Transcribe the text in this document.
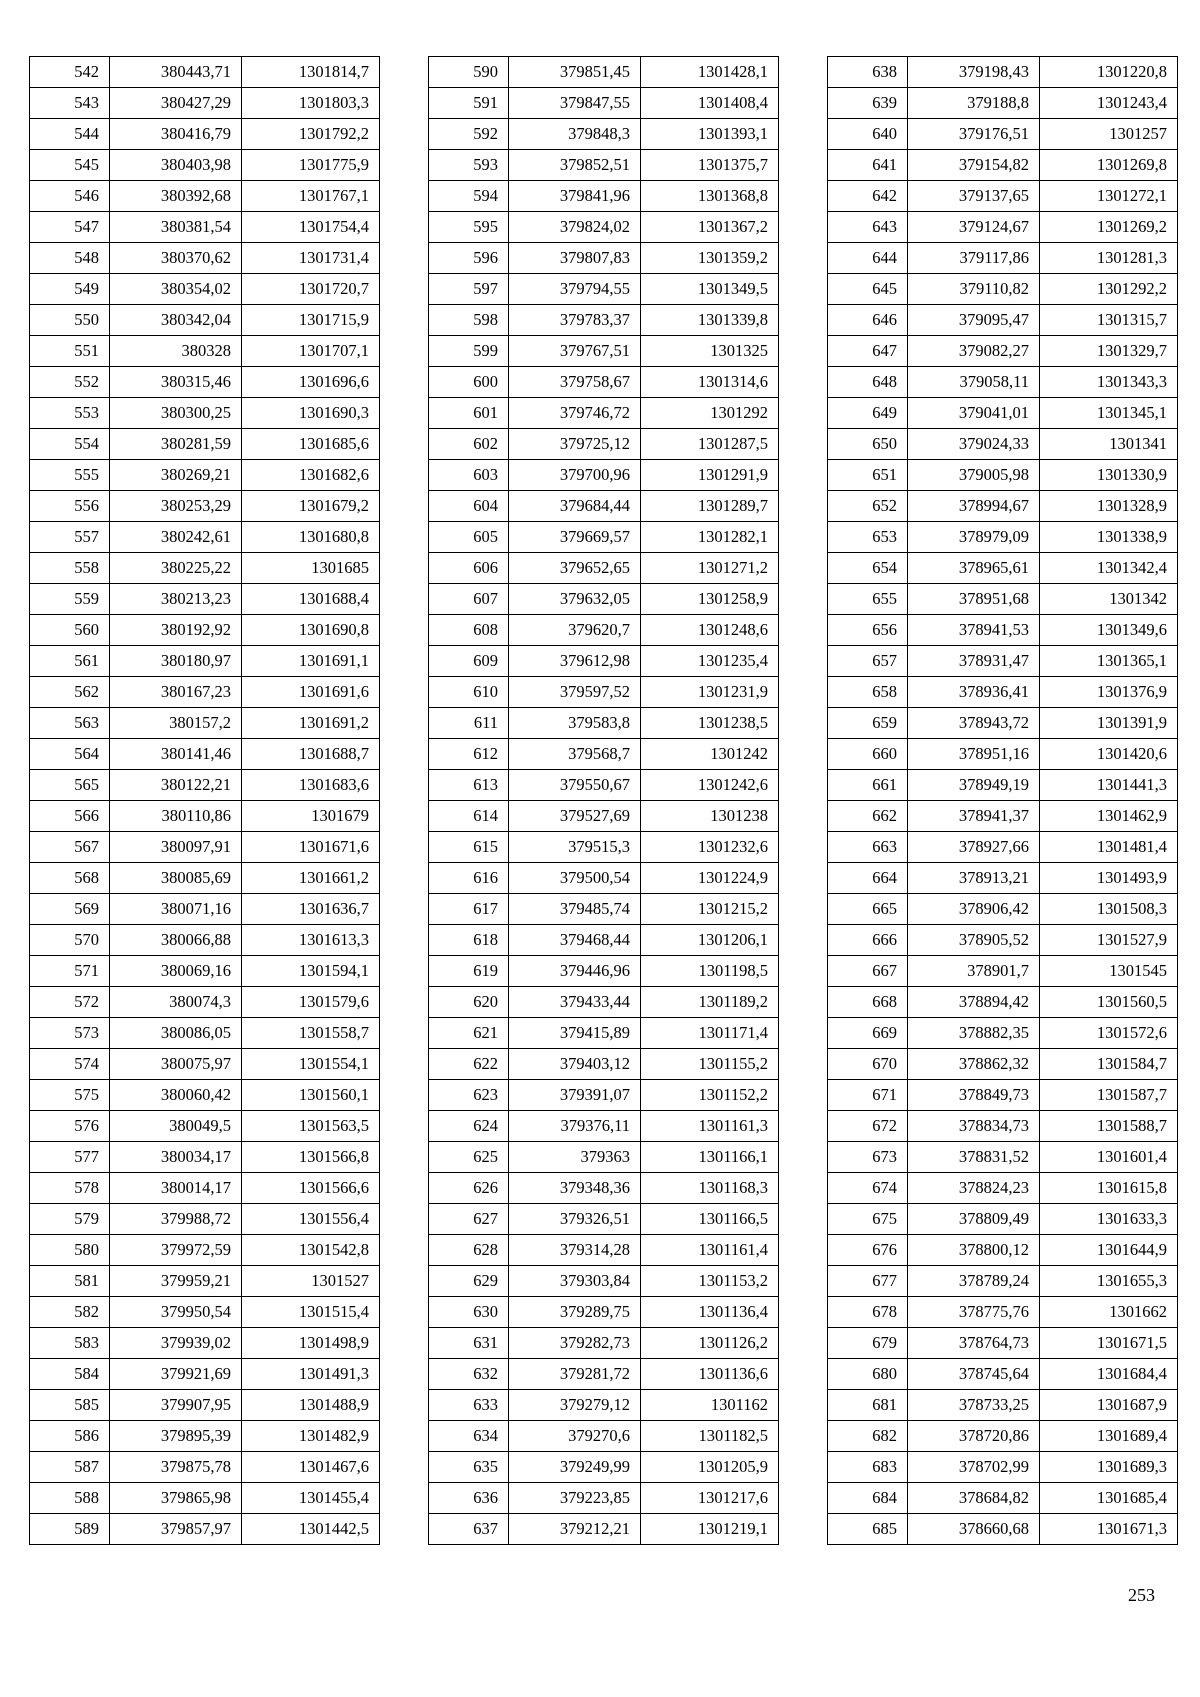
542	380443,71	1301814,7
543	380427,29	1301803,3
544	380416,79	1301792,2
545	380403,98	1301775,9
546	380392,68	1301767,1
547	380381,54	1301754,4
548	380370,62	1301731,4
549	380354,02	1301720,7
550	380342,04	1301715,9
551	380328	1301707,1
552	380315,46	1301696,6
553	380300,25	1301690,3
554	380281,59	1301685,6
555	380269,21	1301682,6
556	380253,29	1301679,2
557	380242,61	1301680,8
558	380225,22	1301685
559	380213,23	1301688,4
560	380192,92	1301690,8
561	380180,97	1301691,1
562	380167,23	1301691,6
563	380157,2	1301691,2
564	380141,46	1301688,7
565	380122,21	1301683,6
566	380110,86	1301679
567	380097,91	1301671,6
568	380085,69	1301661,2
569	380071,16	1301636,7
570	380066,88	1301613,3
571	380069,16	1301594,1
572	380074,3	1301579,6
573	380086,05	1301558,7
574	380075,97	1301554,1
575	380060,42	1301560,1
576	380049,5	1301563,5
577	380034,17	1301566,8
578	380014,17	1301566,6
579	379988,72	1301556,4
580	379972,59	1301542,8
581	379959,21	1301527
582	379950,54	1301515,4
583	379939,02	1301498,9
584	379921,69	1301491,3
585	379907,95	1301488,9
586	379895,39	1301482,9
587	379875,78	1301467,6
588	379865,98	1301455,4
589	379857,97	1301442,5
590	379851,45	1301428,1
591	379847,55	1301408,4
592	379848,3	1301393,1
593	379852,51	1301375,7
594	379841,96	1301368,8
595	379824,02	1301367,2
596	379807,83	1301359,2
597	379794,55	1301349,5
598	379783,37	1301339,8
599	379767,51	1301325
600	379758,67	1301314,6
601	379746,72	1301292
602	379725,12	1301287,5
603	379700,96	1301291,9
604	379684,44	1301289,7
605	379669,57	1301282,1
606	379652,65	1301271,2
607	379632,05	1301258,9
608	379620,7	1301248,6
609	379612,98	1301235,4
610	379597,52	1301231,9
611	379583,8	1301238,5
612	379568,7	1301242
613	379550,67	1301242,6
614	379527,69	1301238
615	379515,3	1301232,6
616	379500,54	1301224,9
617	379485,74	1301215,2
618	379468,44	1301206,1
619	379446,96	1301198,5
620	379433,44	1301189,2
621	379415,89	1301171,4
622	379403,12	1301155,2
623	379391,07	1301152,2
624	379376,11	1301161,3
625	379363	1301166,1
626	379348,36	1301168,3
627	379326,51	1301166,5
628	379314,28	1301161,4
629	379303,84	1301153,2
630	379289,75	1301136,4
631	379282,73	1301126,2
632	379281,72	1301136,6
633	379279,12	1301162
634	379270,6	1301182,5
635	379249,99	1301205,9
636	379223,85	1301217,6
637	379212,21	1301219,1
638	379198,43	1301220,8
639	379188,8	1301243,4
640	379176,51	1301257
641	379154,82	1301269,8
642	379137,65	1301272,1
643	379124,67	1301269,2
644	379117,86	1301281,3
645	379110,82	1301292,2
646	379095,47	1301315,7
647	379082,27	1301329,7
648	379058,11	1301343,3
649	379041,01	1301345,1
650	379024,33	1301341
651	379005,98	1301330,9
652	378994,67	1301328,9
653	378979,09	1301338,9
654	378965,61	1301342,4
655	378951,68	1301342
656	378941,53	1301349,6
657	378931,47	1301365,1
658	378936,41	1301376,9
659	378943,72	1301391,9
660	378951,16	1301420,6
661	378949,19	1301441,3
662	378941,37	1301462,9
663	378927,66	1301481,4
664	378913,21	1301493,9
665	378906,42	1301508,3
666	378905,52	1301527,9
667	378901,7	1301545
668	378894,42	1301560,5
669	378882,35	1301572,6
670	378862,32	1301584,7
671	378849,73	1301587,7
672	378834,73	1301588,7
673	378831,52	1301601,4
674	378824,23	1301615,8
675	378809,49	1301633,3
676	378800,12	1301644,9
677	378789,24	1301655,3
678	378775,76	1301662
679	378764,73	1301671,5
680	378745,64	1301684,4
681	378733,25	1301687,9
682	378720,86	1301689,4
683	378702,99	1301689,3
684	378684,82	1301685,4
685	378660,68	1301671,3
253
